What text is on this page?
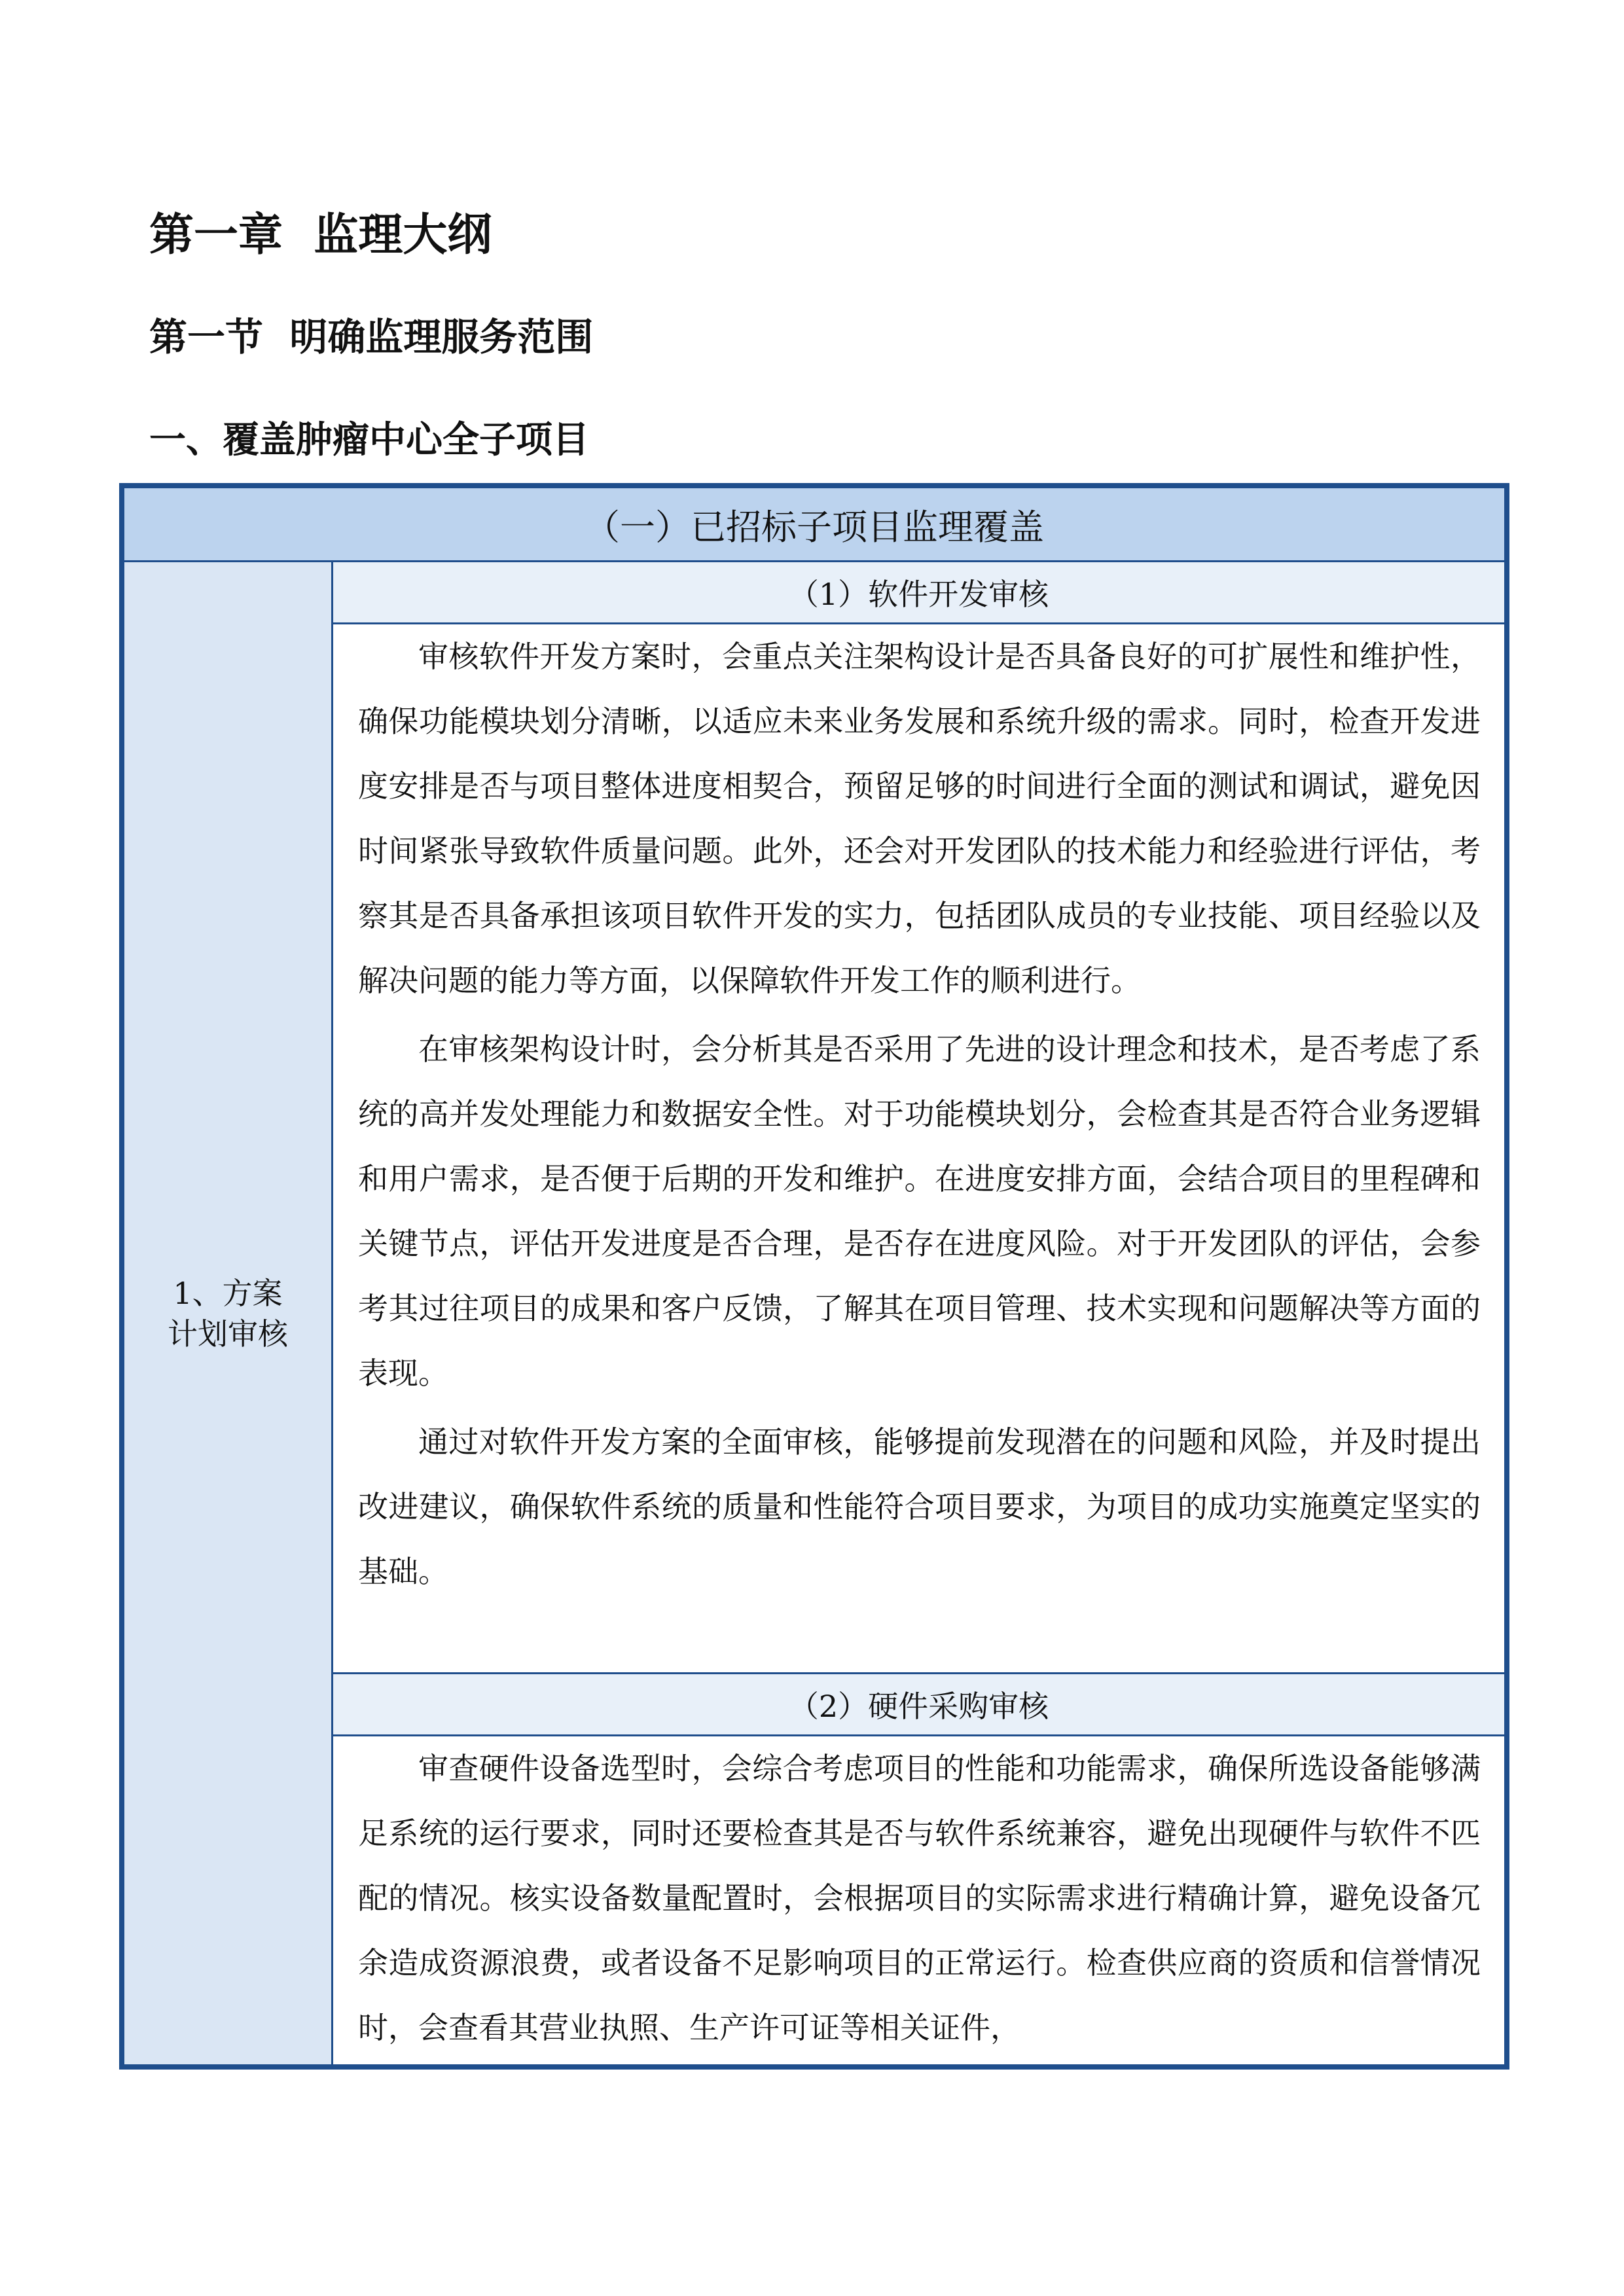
第一章  监理大纲
第一节  明确监理服务范围
一、覆盖肿瘤中心全子项目
（一）已招标子项目监理覆盖
1、方案计划审核
（1）软件开发审核

审核软件开发方案时，会重点关注架构设计是否具备良好的可扩展性和维护性，确保功能模块划分清晰，以适应未来业务发展和系统升级的需求。同时，检查开发进度安排是否与项目整体进度相契合，预留足够的时间进行全面的测试和调试，避免因时间紧张导致软件质量问题。此外，还会对开发团队的技术能力和经验进行评估，考察其是否具备承担该项目软件开发的实力，包括团队成员的专业技能、项目经验以及解决问题的能力等方面，以保障软件开发工作的顺利进行。

在审核架构设计时，会分析其是否采用了先进的设计理念和技术，是否考虑了系统的高并发处理能力和数据安全性。对于功能模块划分，会检查其是否符合业务逻辑和用户需求，是否便于后期的开发和维护。在进度安排方面，会结合项目的里程碑和关键节点，评估开发进度是否合理，是否存在进度风险。对于开发团队的评估，会参考其过往项目的成果和客户反馈，了解其在项目管理、技术实现和问题解决等方面的表现。

通过对软件开发方案的全面审核，能够提前发现潜在的问题和风险，并及时提出改进建议，确保软件系统的质量和性能符合项目要求，为项目的成功实施奠定坚实的基础。

（2）硬件采购审核

审查硬件设备选型时，会综合考虑项目的性能和功能需求，确保所选设备能够满足系统的运行要求，同时还要检查其是否与软件系统兼容，避免出现硬件与软件不匹配的情况。核实设备数量配置时，会根据项目的实际需求进行精确计算，避免设备冗余造成资源浪费，或者设备不足影响项目的正常运行。检查供应商的资质和信誉情况时，会查看其营业执照、生产许可证等相关证件，
